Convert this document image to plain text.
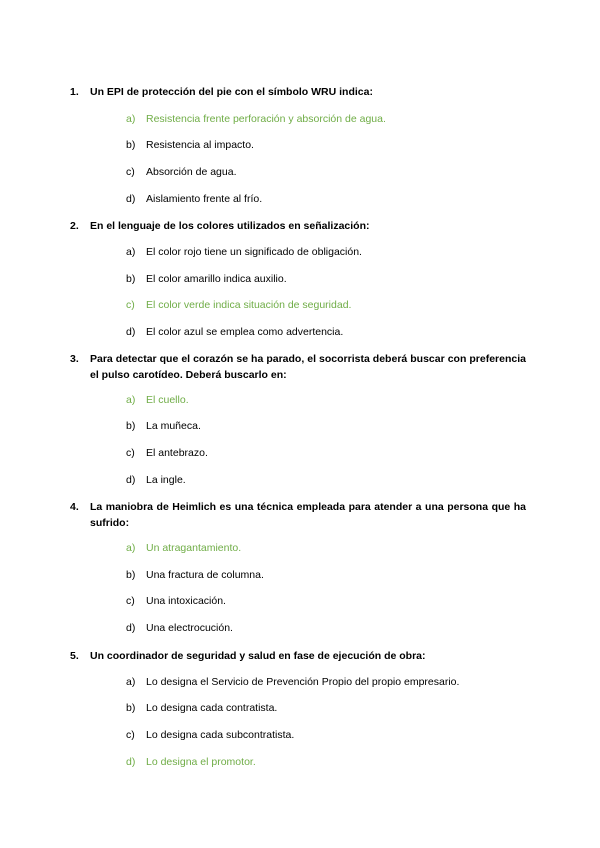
1. Un EPI de protección del pie con el símbolo WRU indica:
a) Resistencia frente perforación y absorción de agua.
b) Resistencia al impacto.
c) Absorción de agua.
d) Aislamiento frente al frío.
2. En el lenguaje de los colores utilizados en señalización:
a) El color rojo tiene un significado de obligación.
b) El color amarillo indica auxilio.
c) El color verde indica situación de seguridad.
d) El color azul se emplea como advertencia.
3. Para detectar que el corazón se ha parado, el socorrista deberá buscar con preferencia el pulso carotídeo. Deberá buscarlo en:
a) El cuello.
b) La muñeca.
c) El antebrazo.
d) La ingle.
4. La maniobra de Heimlich es una técnica empleada para atender a una persona que ha sufrido:
a) Un atragantamiento.
b) Una fractura de columna.
c) Una intoxicación.
d) Una electrocución.
5. Un coordinador de seguridad y salud en fase de ejecución de obra:
a) Lo designa el Servicio de Prevención Propio del propio empresario.
b) Lo designa cada contratista.
c) Lo designa cada subcontratista.
d) Lo designa el promotor.
